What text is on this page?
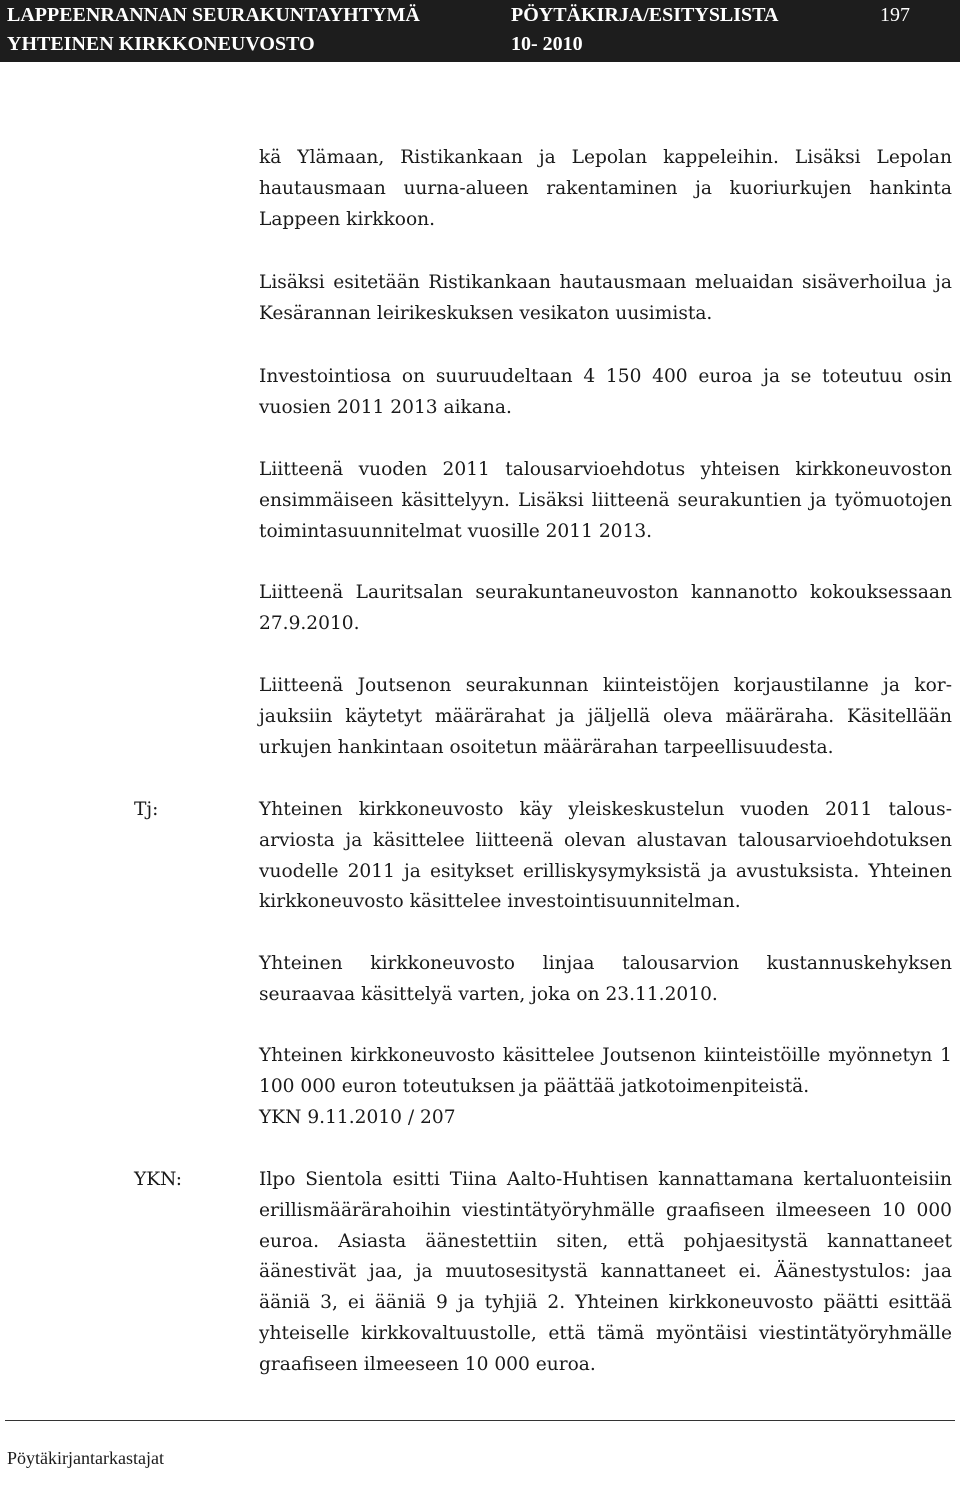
LAPPEENRANNAN SEURAKUNTAYHTYMÄ
YHTEINEN KIRKKONEUVOSTO
PÖYTÄKIRJA/ESITYSLISTA
10- 2010
197

kä Ylämaan, Ristikankaan ja Lepolan kappeleihin. Lisäksi Lepolan hautausmaan uurna-alueen rakentaminen ja kuoriurkujen hankinta Lappeen kirkkoon.

Lisäksi esitetään Ristikankaan hautausmaan meluaidan sisäverhoilua ja Kesärannan leirikeskuksen vesikaton uusimista.

Investointiosa on suuruudeltaan 4 150 400 euroa ja se toteutuu osin vuosien 2011 2013 aikana.

Liitteenä vuoden 2011 talousarvioehdotus yhteisen kirkkoneuvoston ensimmäiseen käsittelyyn. Lisäksi liitteenä seurakuntien ja työmuotojen toimintasuunnitelmat vuosille 2011 2013.

Liitteenä Lauritsalan seurakuntaneuvoston kannanotto kokouksessaan 27.9.2010.

Liitteenä Joutsenon seurakunnan kiinteistöjen korjaustilanne ja korjauksiin käytetyt määrärahat ja jäljellä oleva määräraha. Käsitellään urkujen hankintaan osoitetun määrärahan tarpeellisuudesta.

Tj:	Yhteinen kirkkoneuvosto käy yleiskeskustelun vuoden 2011 talousarviosta ja käsittelee liitteenä olevan alustavan talousarvioehdotuksen vuodelle 2011 ja esitykset erilliskysymyksistä ja avustuksista. Yhteinen kirkkoneuvosto käsittelee investointisuunnitelman.

Yhteinen kirkkoneuvosto linjaa talousarvion kustannuskehyksen seuraavaa käsittelyä varten, joka on 23.11.2010.

Yhteinen kirkkoneuvosto käsittelee Joutsenon kiinteistöille myönnetyn 1 100 000 euron toteutuksen ja päättää jatkotoimenpiteistä.
YKN 9.11.2010 / 207
YKN:	Ilpo Sientola esitti Tiina Aalto-Huhtisen kannattamana kertaluonteisiin erillismäärärahoihin viestintätyöryhmälle graafiseen ilmeeseen 10 000 euroa. Asiasta äänestettiin siten, että pohjaesitystä kannattaneet äänestivät jaa, ja muutosesitystä kannattaneet ei. Äänestystulos: jaa ääniä 3, ei ääniä 9 ja tyhjiä 2. Yhteinen kirkkoneuvosto päätti esittää yhteiselle kirkkovaltuustolle, että tämä myöntäisi viestintätyöryhmälle graafiseen ilmeeseen 10 000 euroa.

Pöytäkirjantarkastajat
